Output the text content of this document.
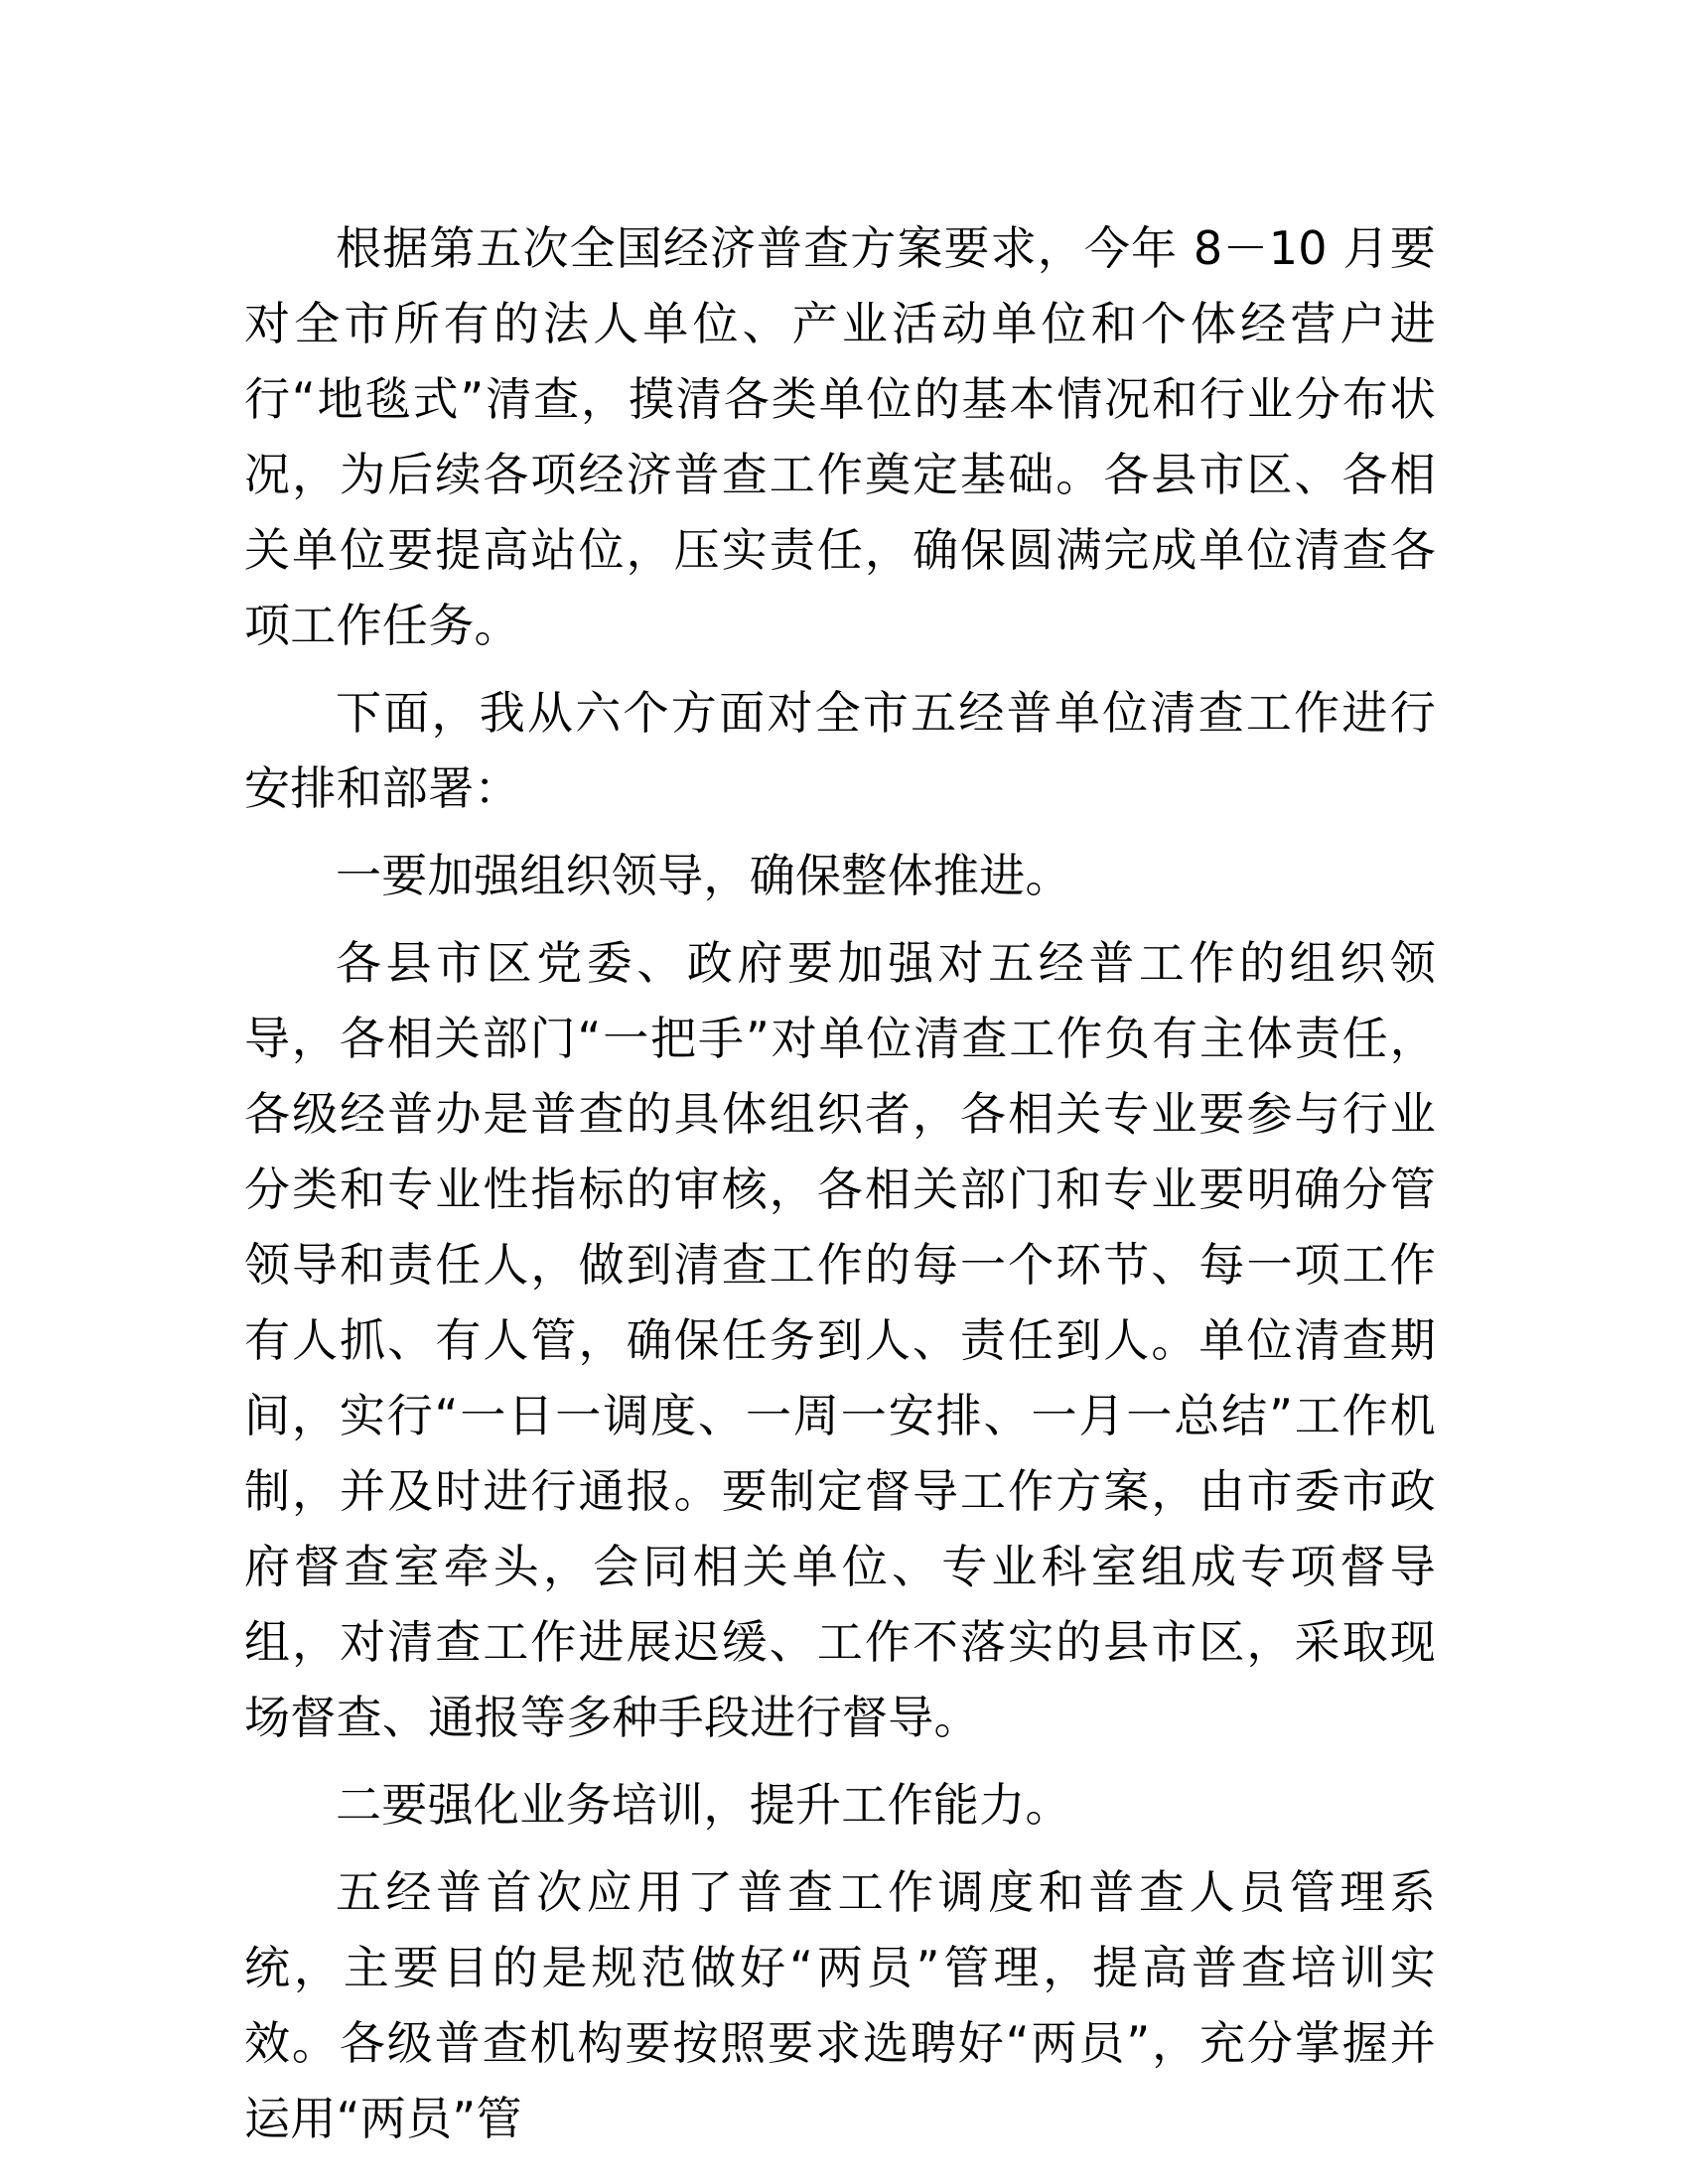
根据第五次全国经济普查方案要求，今年 8－10 月要对全市所有的法人单位、产业活动单位和个体经营户进行“地毯式”清查，摸清各类单位的基本情况和行业分布状况，为后续各项经济普查工作奠定基础。各县市区、各相关单位要提高站位，压实责任，确保圆满完成单位清查各项工作任务。

下面，我从六个方面对全市五经普单位清查工作进行安排和部署：

一要加强组织领导，确保整体推进。

各县市区党委、政府要加强对五经普工作的组织领导，各相关部门“一把手”对单位清查工作负有主体责任，各级经普办是普查的具体组织者，各相关专业要参与行业分类和专业性指标的审核，各相关部门和专业要明确分管领导和责任人，做到清查工作的每一个环节、每一项工作有人抓、有人管，确保任务到人、责任到人。单位清查期间，实行“一日一调度、一周一安排、一月一总结”工作机制，并及时进行通报。要制定督导工作方案，由市委市政府督查室牵头，会同相关单位、专业科室组成专项督导组，对清查工作进展迟缓、工作不落实的县市区，采取现场督查、通报等多种手段进行督导。

二要强化业务培训，提升工作能力。

五经普首次应用了普查工作调度和普查人员管理系统，主要目的是规范做好“两员”管理，提高普查培训实效。各级普查机构要按照要求选聘好“两员”，充分掌握并运用“两员”管
